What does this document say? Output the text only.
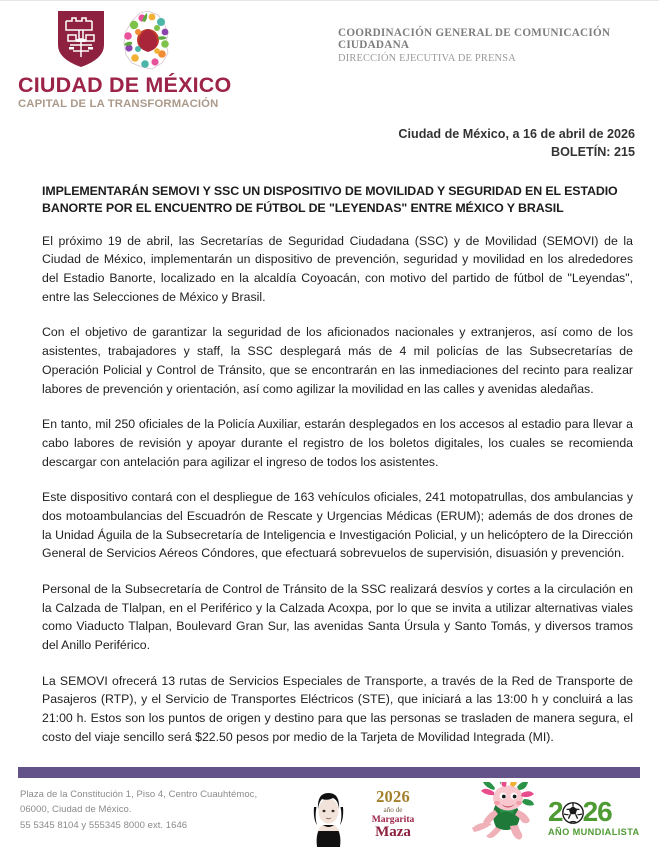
CIUDAD DE MÉXICO
CAPITAL DE LA TRANSFORMACIÓN
COORDINACIÓN GENERAL DE COMUNICACIÓN CIUDADANA
DIRECCIÓN EJECUTIVA DE PRENSA
Ciudad de México, a 16 de abril de 2026
BOLETÍN: 215
IMPLEMENTARÁN SEMOVI Y SSC UN DISPOSITIVO DE MOVILIDAD Y SEGURIDAD EN EL ESTADIO BANORTE POR EL ENCUENTRO DE FÚTBOL DE "LEYENDAS" ENTRE MÉXICO Y BRASIL

El próximo 19 de abril, las Secretarías de Seguridad Ciudadana (SSC) y de Movilidad (SEMOVI) de la Ciudad de México, implementarán un dispositivo de prevención, seguridad y movilidad en los alrededores del Estadio Banorte, localizado en la alcaldía Coyoacán, con motivo del partido de fútbol de "Leyendas", entre las Selecciones de México y Brasil.

Con el objetivo de garantizar la seguridad de los aficionados nacionales y extranjeros, así como de los asistentes, trabajadores y staff, la SSC desplegará más de 4 mil policías de las Subsecretarías de Operación Policial y Control de Tránsito, que se encontrarán en las inmediaciones del recinto para realizar labores de prevención y orientación, así como agilizar la movilidad en las calles y avenidas aledañas.

En tanto, mil 250 oficiales de la Policía Auxiliar, estarán desplegados en los accesos al estadio para llevar a cabo labores de revisión y apoyar durante el registro de los boletos digitales, los cuales se recomienda descargar con antelación para agilizar el ingreso de todos los asistentes.

Este dispositivo contará con el despliegue de 163 vehículos oficiales, 241 motopatrullas, dos ambulancias y dos motoambulancias del Escuadrón de Rescate y Urgencias Médicas (ERUM); además de dos drones de la Unidad Águila de la Subsecretaría de Inteligencia e Investigación Policial, y un helicóptero de la Dirección General de Servicios Aéreos Cóndores, que efectuará sobrevuelos de supervisión, disuasión y prevención.

Personal de la Subsecretaría de Control de Tránsito de la SSC realizará desvíos y cortes a la circulación en la Calzada de Tlalpan, en el Periférico y la Calzada Acoxpa, por lo que se invita a utilizar alternativas viales como Viaducto Tlalpan, Boulevard Gran Sur, las avenidas Santa Úrsula y Santo Tomás, y diversos tramos del Anillo Periférico.

La SEMOVI ofrecerá 13 rutas de Servicios Especiales de Transporte, a través de la Red de Transporte de Pasajeros (RTP), y el Servicio de Transportes Eléctricos (STE), que iniciará a las 13:00 h y concluirá a las 21:00 h. Estos son los puntos de origen y destino para que las personas se trasladen de manera segura, el costo del viaje sencillo será $22.50 pesos por medio de la Tarjeta de Movilidad Integrada (MI).

Plaza de la Constitución 1, Piso 4, Centro Cuauhtémoc,
06000, Ciudad de México.
55 5345 8104 y 555345 8000 ext. 1646
2026
año de
Margarita
Maza
2 26
AÑO MUNDIALISTA
